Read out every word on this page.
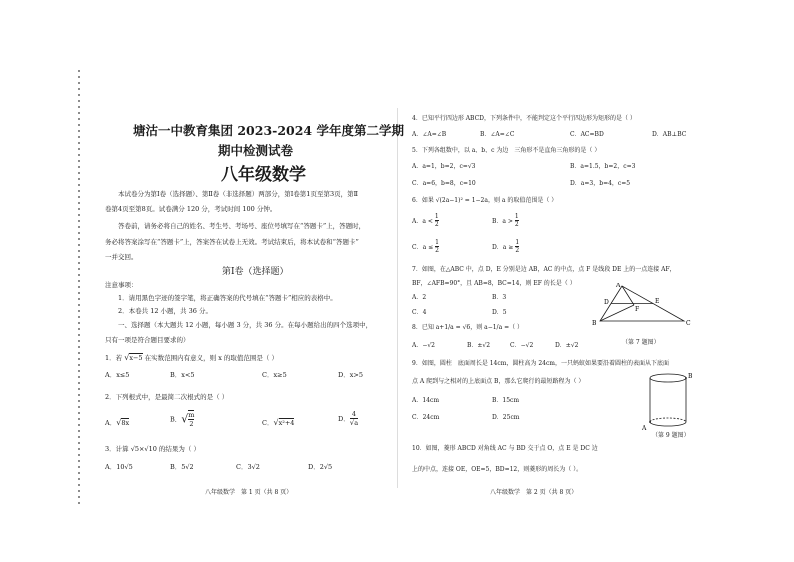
塘沽一中教育集团 2023-2024 学年度第二学期
期中检测试卷
八年级数学
本试卷分为第Ⅰ卷（选择题）、第Ⅱ卷（非选择题）两部分，第Ⅰ卷第1页至第3页，第Ⅱ
卷第4页至第8页。试卷满分 120 分，考试时间 100 分钟。
答卷前，请务必将自己的姓名、考生号、考场号、座位号填写在“答题卡”上，答题时，
务必将答案涂写在“答题卡”上，答案答在试卷上无效。考试结束后，将本试卷和“答题卡”
一并交回。
第Ⅰ卷（选择题）
注意事项：
1．请用黑色字迹的签字笔，将正确答案的代号填在“答题卡”相应的表格中。
2．本卷共 12 小题，共 36 分。
一、选择题（本大题共 12 小题，每小题 3 分，共 36 分。在每小题给出的四个选项中，
只有一项是符合题目要求的）
1．若 √x−5 在实数范围内有意义，则 x 的取值范围是（ ）
A．x≤5	B．x<5	C．x≥5	D．x>5
2．下列根式中，是最简二次根式的是（ ）
A．√8x	B．√ $\frac{m}{2}$	C．√x²+4	D． $\frac{4}{√a}$
3．计算 √5×√10 的结果为（ ）
A．10√5	B．5√2	C．3√2	D．2√5
八年级数学　第 1 页（共 8 页）
4．已知平行四边形 ABCD，下列条件中，不能判定这个平行四边形为矩形的是（ ）
A．∠A=∠B	B．∠A=∠C	C．AC=BD	D．AB⊥BC
5．下列各组数中，以 a、b、c 为边　三角形不是直角三角形的是（ ）
A．a=1，b=2，c=√3	B．a=1.5，b=2，c=3
C．a=6，b=8，c=10	D．a=3，b=4，c=5
6．如果 √(2a−1)² = 1−2a，则 a 的取值范围是（ ）
A．$a < \frac{1}{2}$	B．$a > \frac{1}{2}$
C．$a \le \frac{1}{2}$	D．$a \ge \frac{1}{2}$
7．如图，在△ABC 中，点 D，E 分别是边 AB，AC 的中点，点 F 是线段 DE 上的一点连接 AF，
BF，∠AFB=90°，且 AB=8，BC=14，则 EF 的长是（ ）
A．2	B．3
C．4	D．5
A
B	C
D	E
F
（第 7 题图）
8．已知 a+1/a = √6，则 a−1/a =（ ）
A．−√2	B．±√2	C．−√2	D．±√2
9．如图，圆柱　底面周长是 14cm，圆柱高为 24cm，一只蚂蚁如果要沿着圆柱的表面从下底面
点 A 爬到与之相对的上底面点 B，那么它爬行的最短路程为（ ）
A．14cm	B．15cm
C．24cm	D．25cm
B
A
（第 9 题图）
10．如图，菱形 ABCD 对角线 AC 与 BD 交于点 O，点 E 是 DC 边
上的中点，连接 OE，OE=5，BD=12，则菱形的周长为（ ）。
八年级数学　第 2 页（共 8 页）
